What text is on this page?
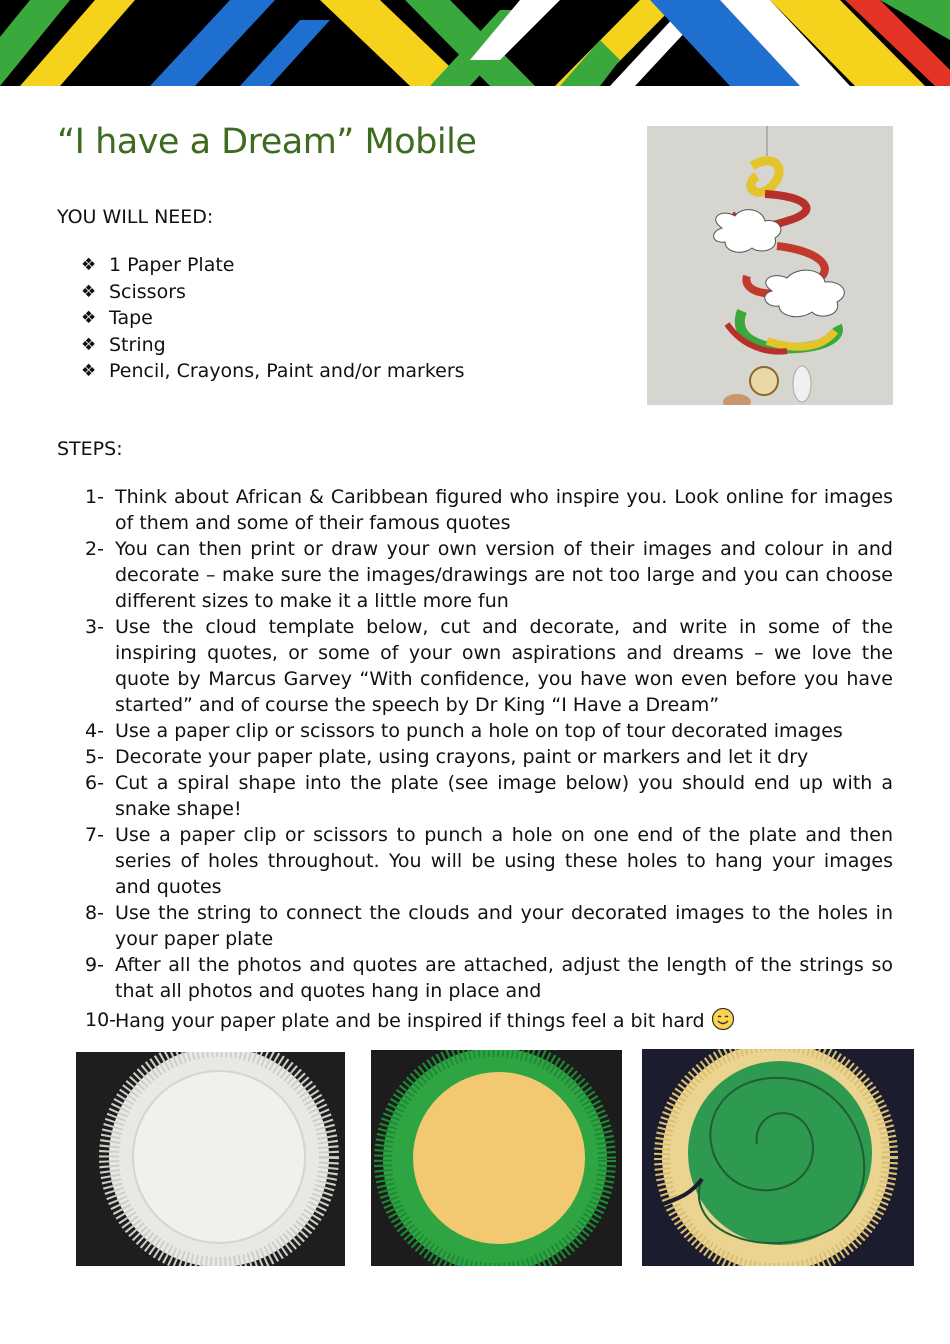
“I have a Dream” Mobile
YOU WILL NEED:
❖ 1 Paper Plate
❖ Scissors
❖ Tape
❖ String
❖ Pencil, Crayons, Paint and/or markers
STEPS:
1- Think about African & Caribbean figured who inspire you. Look online for images of them and some of their famous quotes
2- You can then print or draw your own version of their images and colour in and decorate – make sure the images/drawings are not too large and you can choose different sizes to make it a little more fun
3- Use the cloud template below, cut and decorate, and write in some of the inspiring quotes, or some of your own aspirations and dreams – we love the quote by Marcus Garvey “With confidence, you have won even before you have started” and of course the speech by Dr King “I Have a Dream”
4- Use a paper clip or scissors to punch a hole on top of tour decorated images
5- Decorate your paper plate, using crayons, paint or markers and let it dry
6- Cut a spiral shape into the plate (see image below) you should end up with a snake shape!
7- Use a paper clip or scissors to punch a hole on one end of the plate and then series of holes throughout. You will be using these holes to hang your images and quotes
8- Use the string to connect the clouds and your decorated images to the holes in your paper plate
9- After all the photos and quotes are attached, adjust the length of the strings so that all photos and quotes hang in place and
10-
Hang your paper plate and be inspired if things feel a bit hard
